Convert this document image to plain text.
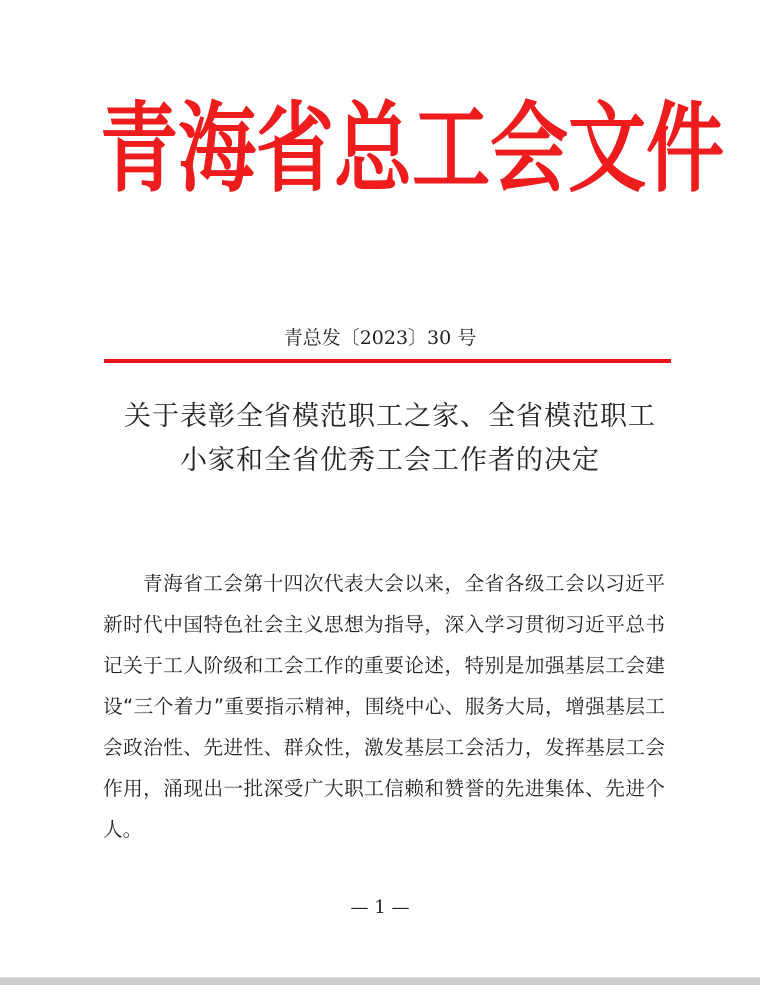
青 海 省 总 工 会 文 件
青总发〔2023〕30 号
关于表彰全省模范职工之家、全省模范职工
小家和全省优秀工会工作者的决定
青海省工会第十四次代表大会以来，全省各级工会以习近平
新时代中国特色社会主义思想为指导，深入学习贯彻习近平总书
记关于工人阶级和工会工作的重要论述，特别是加强基层工会建
设“三个着力”重要指示精神，围绕中心、服务大局，增强基层工
会政治性、先进性、群众性，激发基层工会活力，发挥基层工会
作用，涌现出一批深受广大职工信赖和赞誉的先进集体、先进个
人。
— 1 —
